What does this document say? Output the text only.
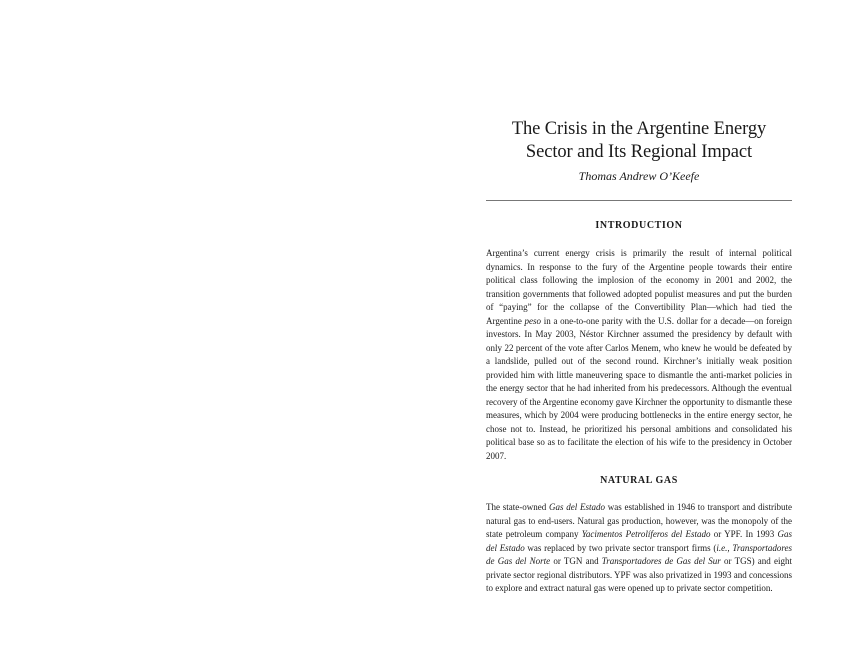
The Crisis in the Argentine Energy
Sector and Its Regional Impact
Thomas Andrew O’Keefe
INTRODUCTION

Argentina’s current energy crisis is primarily the result of internal political dynamics. In response to the fury of the Argentine people towards their entire political class following the implosion of the economy in 2001 and 2002, the transition governments that followed adopted populist measures and put the burden of “paying” for the collapse of the Convertibility Plan—which had tied the Argentine peso in a one-to-one parity with the U.S. dollar for a decade—on foreign investors. In May 2003, Néstor Kirchner assumed the presidency by default with only 22 percent of the vote after Carlos Menem, who knew he would be defeated by a landslide, pulled out of the second round. Kirchner’s initially weak position provided him with little maneuvering space to dismantle the anti-market policies in the energy sector that he had inherited from his predecessors. Although the eventual recovery of the Argentine economy gave Kirchner the opportunity to dismantle these measures, which by 2004 were producing bottlenecks in the entire energy sector, he chose not to. Instead, he prioritized his personal ambitions and consolidated his political base so as to facilitate the election of his wife to the presidency in October 2007.

NATURAL GAS

The state-owned Gas del Estado was established in 1946 to transport and distribute natural gas to end-users. Natural gas production, however, was the monopoly of the state petroleum company Yacimentos Petrolíferos del Estado or YPF. In 1993 Gas del Estado was replaced by two private sector transport firms (i.e., Transportadores de Gas del Norte or TGN and Transportadores de Gas del Sur or TGS) and eight private sector regional distributors. YPF was also privatized in 1993 and concessions to explore and extract natural gas were opened up to private sector competition.
